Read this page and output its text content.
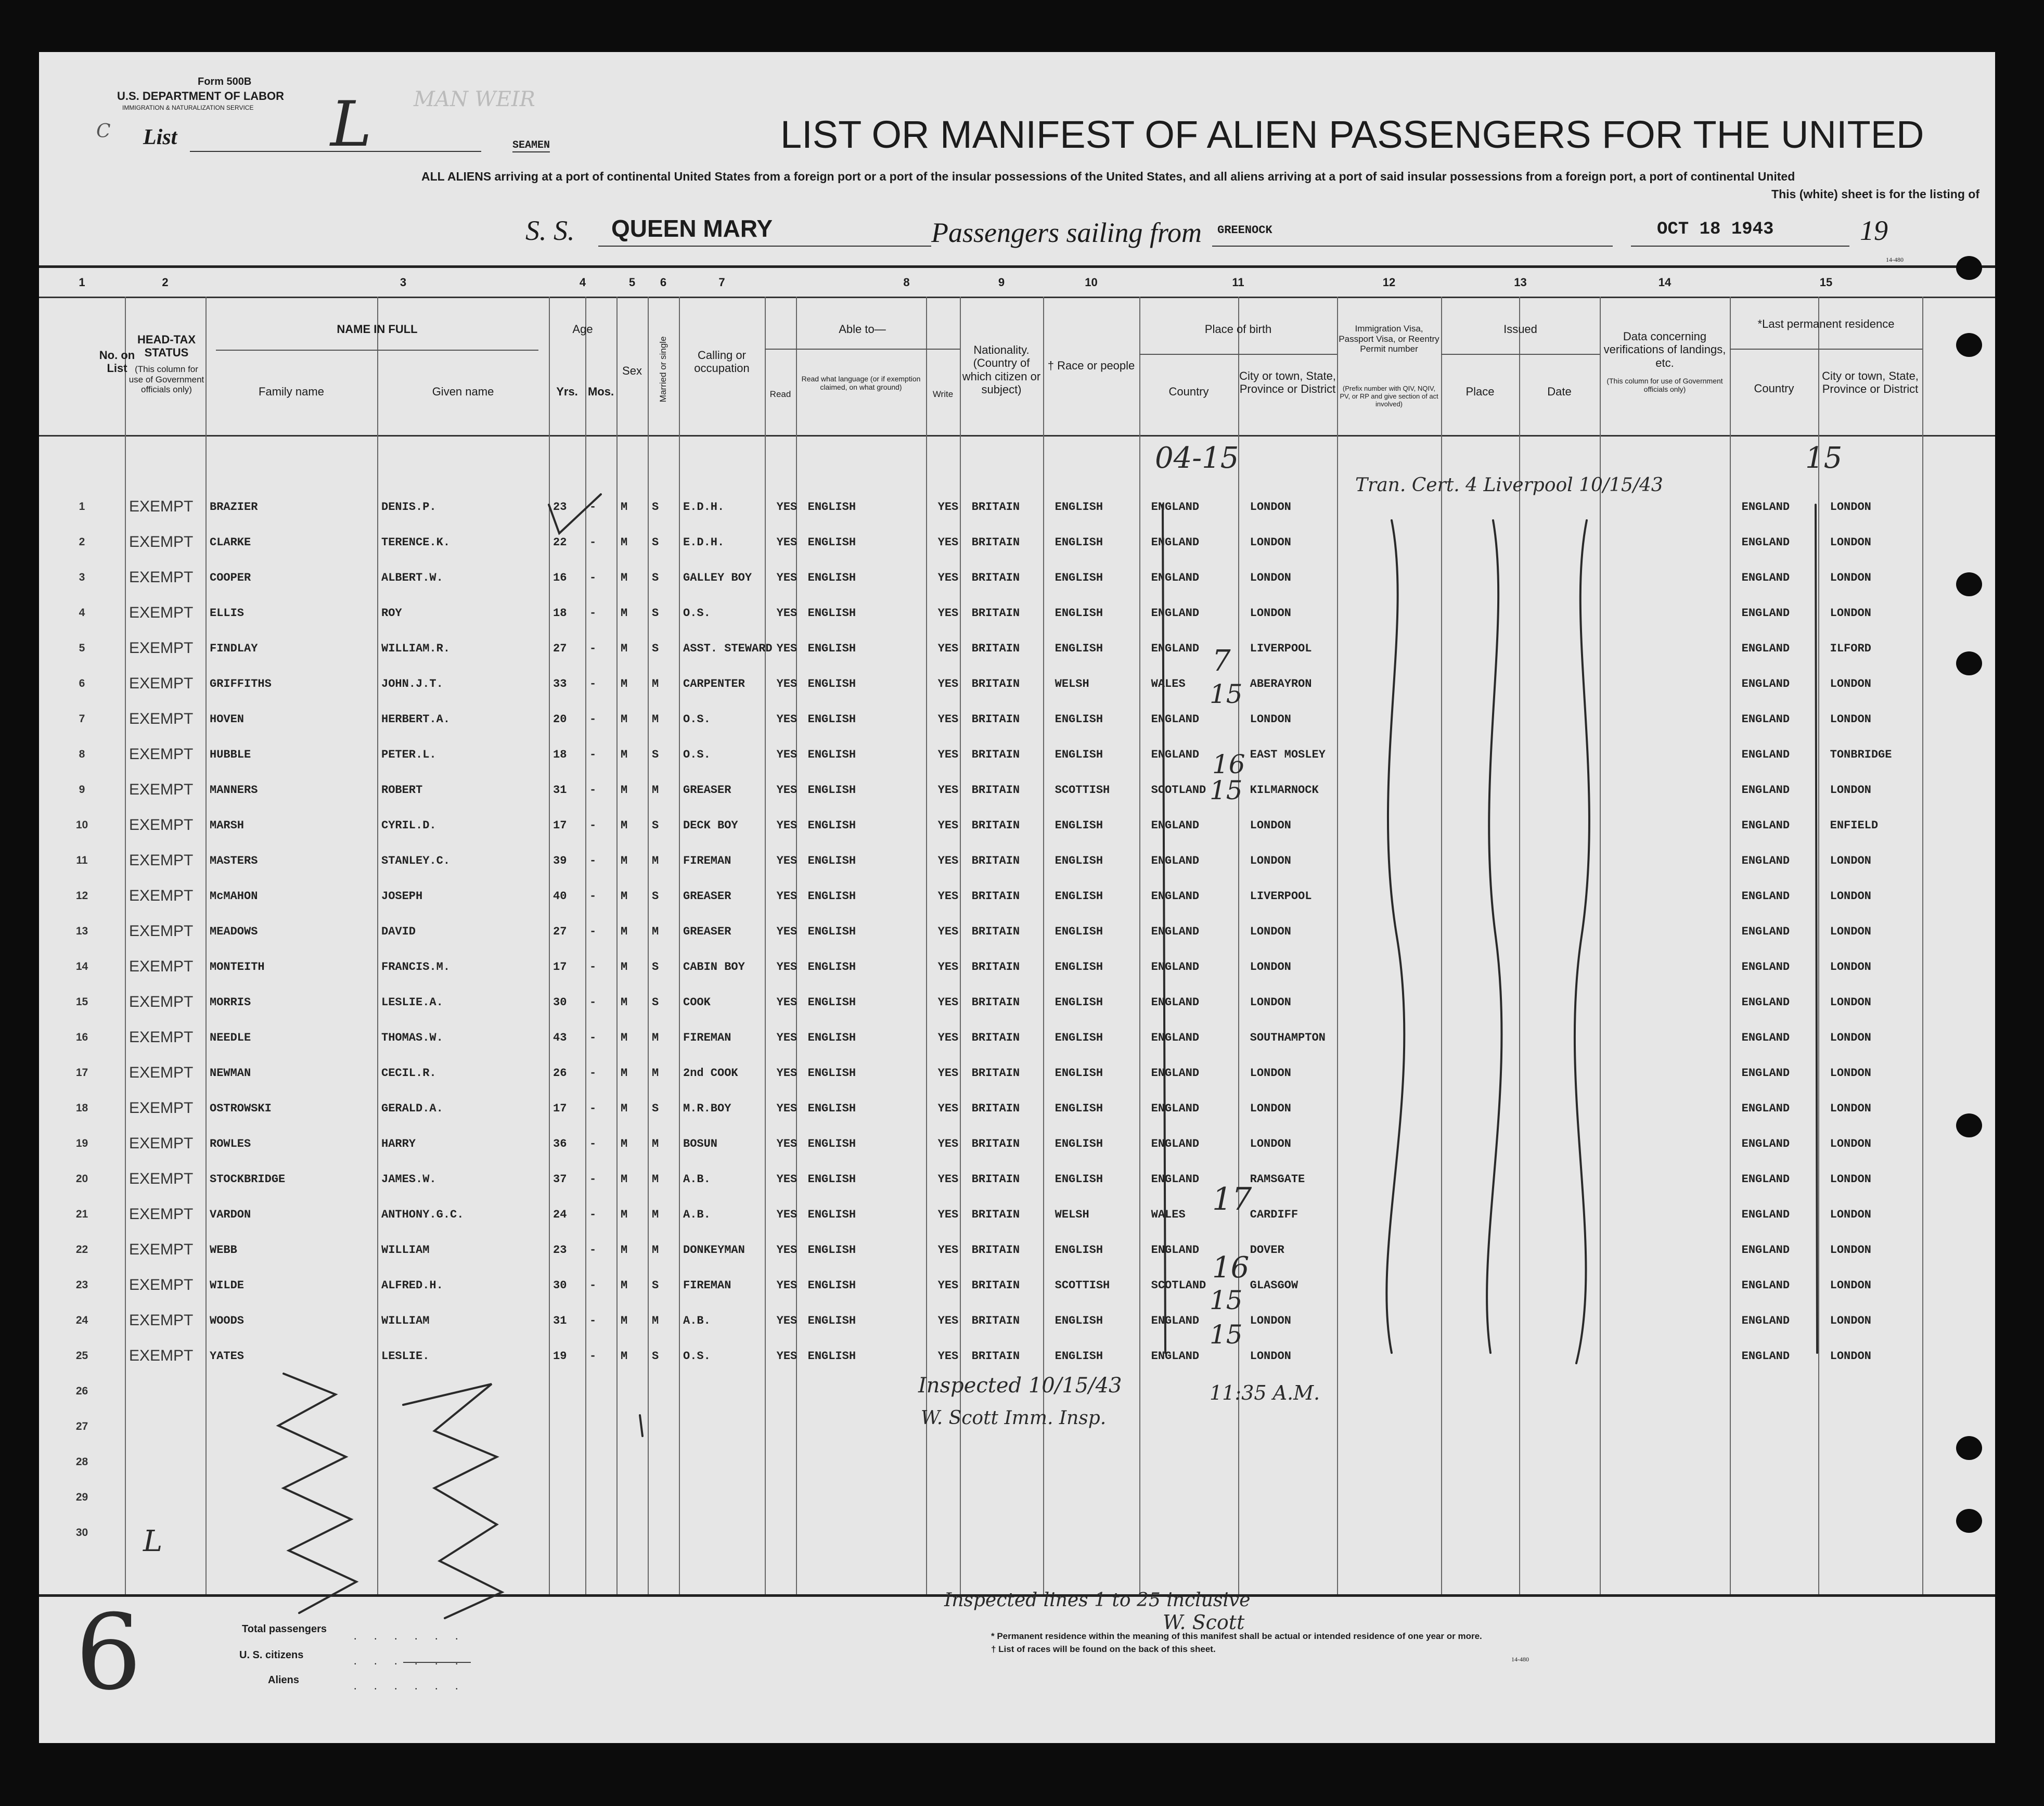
Form 500B
U.S. DEPARTMENT OF LABOR
IMMIGRATION & NATURALIZATION SERVICE
C List L MAN WEIR
SEAMEN	LIST OR MANIFEST OF ALIEN PASSENGERS FOR THE UNITED
ALL ALIENS arriving at a port of continental United States from a foreign port or a port of the insular possessions of the United States, and all aliens arriving at a port of said insular possessions from a foreign port, a port of continental United
This (white) sheet is for the listing of
S. S. QUEEN MARY	Passengers sailing from GREENOCK	OCT 18 1943	19
14-480
1	2	3	4	5	6	7	8	9	10	11	12	13	14	15
No. on List
HEAD-TAX STATUS
(This column for use of Government officials only)
NAME IN FULL
Family name	Given name
Age
Yrs. Mos.
Sex	Married or single	Calling or occupation
Able to—
Read
Read what language (or if exemption claimed, on what ground)
Write
Nationality. (Country of which citizen or subject)
† Race or people
Place of birth
Country
City or town, State, Province or District
Immigration Visa, Passport Visa, or Reentry Permit number
(Prefix number with QIV, NQIV, PV, or RP and give section of act involved)
Issued
Place	Date
Data concerning verifications of landings, etc.
(This column for use of Government officials only)
*Last permanent residence
Country
City or town, State, Province or District
1	EXEMPT	BRAZIER	DENIS.P.	23	-	M	S	E.D.H.	YES	ENGLISH	YES	BRITAIN	ENGLISH	ENGLAND	LONDON					ENGLAND	LONDON
2	EXEMPT	CLARKE	TERENCE.K.	22	-	M	S	E.D.H.	YES	ENGLISH	YES	BRITAIN	ENGLISH	ENGLAND	LONDON					ENGLAND	LONDON
3	EXEMPT	COOPER	ALBERT.W.	16	-	M	S	GALLEY BOY	YES	ENGLISH	YES	BRITAIN	ENGLISH	ENGLAND	LONDON					ENGLAND	LONDON
4	EXEMPT	ELLIS	ROY	18	-	M	S	O.S.	YES	ENGLISH	YES	BRITAIN	ENGLISH	ENGLAND	LONDON					ENGLAND	LONDON
5	EXEMPT	FINDLAY	WILLIAM.R.	27	-	M	S	ASST. STEWARD	YES	ENGLISH	YES	BRITAIN	ENGLISH	ENGLAND	LIVERPOOL					ENGLAND	ILFORD
6	EXEMPT	GRIFFITHS	JOHN.J.T.	33	-	M	M	CARPENTER	YES	ENGLISH	YES	BRITAIN	WELSH	WALES	ABERAYRON					ENGLAND	LONDON
7	EXEMPT	HOVEN	HERBERT.A.	20	-	M	M	O.S.	YES	ENGLISH	YES	BRITAIN	ENGLISH	ENGLAND	LONDON					ENGLAND	LONDON
8	EXEMPT	HUBBLE	PETER.L.	18	-	M	S	O.S.	YES	ENGLISH	YES	BRITAIN	ENGLISH	ENGLAND	EAST MOSLEY					ENGLAND	TONBRIDGE
9	EXEMPT	MANNERS	ROBERT	31	-	M	M	GREASER	YES	ENGLISH	YES	BRITAIN	SCOTTISH	SCOTLAND	KILMARNOCK					ENGLAND	LONDON
10	EXEMPT	MARSH	CYRIL.D.	17	-	M	S	DECK BOY	YES	ENGLISH	YES	BRITAIN	ENGLISH	ENGLAND	LONDON					ENGLAND	ENFIELD
11	EXEMPT	MASTERS	STANLEY.C.	39	-	M	M	FIREMAN	YES	ENGLISH	YES	BRITAIN	ENGLISH	ENGLAND	LONDON					ENGLAND	LONDON
12	EXEMPT	McMAHON	JOSEPH	40	-	M	S	GREASER	YES	ENGLISH	YES	BRITAIN	ENGLISH	ENGLAND	LIVERPOOL					ENGLAND	LONDON
13	EXEMPT	MEADOWS	DAVID	27	-	M	M	GREASER	YES	ENGLISH	YES	BRITAIN	ENGLISH	ENGLAND	LONDON					ENGLAND	LONDON
14	EXEMPT	MONTEITH	FRANCIS.M.	17	-	M	S	CABIN BOY	YES	ENGLISH	YES	BRITAIN	ENGLISH	ENGLAND	LONDON					ENGLAND	LONDON
15	EXEMPT	MORRIS	LESLIE.A.	30	-	M	S	COOK	YES	ENGLISH	YES	BRITAIN	ENGLISH	ENGLAND	LONDON					ENGLAND	LONDON
16	EXEMPT	NEEDLE	THOMAS.W.	43	-	M	M	FIREMAN	YES	ENGLISH	YES	BRITAIN	ENGLISH	ENGLAND	SOUTHAMPTON					ENGLAND	LONDON
17	EXEMPT	NEWMAN	CECIL.R.	26	-	M	M	2nd COOK	YES	ENGLISH	YES	BRITAIN	ENGLISH	ENGLAND	LONDON					ENGLAND	LONDON
18	EXEMPT	OSTROWSKI	GERALD.A.	17	-	M	S	M.R.BOY	YES	ENGLISH	YES	BRITAIN	ENGLISH	ENGLAND	LONDON					ENGLAND	LONDON
19	EXEMPT	ROWLES	HARRY	36	-	M	M	BOSUN	YES	ENGLISH	YES	BRITAIN	ENGLISH	ENGLAND	LONDON					ENGLAND	LONDON
20	EXEMPT	STOCKBRIDGE	JAMES.W.	37	-	M	M	A.B.	YES	ENGLISH	YES	BRITAIN	ENGLISH	ENGLAND	RAMSGATE					ENGLAND	LONDON
21	EXEMPT	VARDON	ANTHONY.G.C.	24	-	M	M	A.B.	YES	ENGLISH	YES	BRITAIN	WELSH	WALES	CARDIFF					ENGLAND	LONDON
22	EXEMPT	WEBB	WILLIAM	23	-	M	M	DONKEYMAN	YES	ENGLISH	YES	BRITAIN	ENGLISH	ENGLAND	DOVER					ENGLAND	LONDON
23	EXEMPT	WILDE	ALFRED.H.	30	-	M	S	FIREMAN	YES	ENGLISH	YES	BRITAIN	SCOTTISH	SCOTLAND	GLASGOW					ENGLAND	LONDON
24	EXEMPT	WOODS	WILLIAM	31	-	M	M	A.B.	YES	ENGLISH	YES	BRITAIN	ENGLISH	ENGLAND	LONDON					ENGLAND	LONDON
25	EXEMPT	YATES	LESLIE.	19	-	M	S	O.S.	YES	ENGLISH	YES	BRITAIN	ENGLISH	ENGLAND	LONDON					ENGLAND	LONDON
26																					
27																					
28																					
29																					
30																					
04-15	15
Tran. Cert. 4 Liverpool 10/15/43
7
15
16
15
17
16
15
15
Inspected 10/15/43	11:35 A.M.
W. Scott Imm. Insp.
L
Inspected lines 1 to 25 inclusive
W. Scott
6	Total passengers
U. S. citizens
Aliens
. . . . . .
. . . . . .
. . . . . .
* Permanent residence within the meaning of this manifest shall be actual or intended residence of one year or more.
† List of races will be found on the back of this sheet.
14-480
